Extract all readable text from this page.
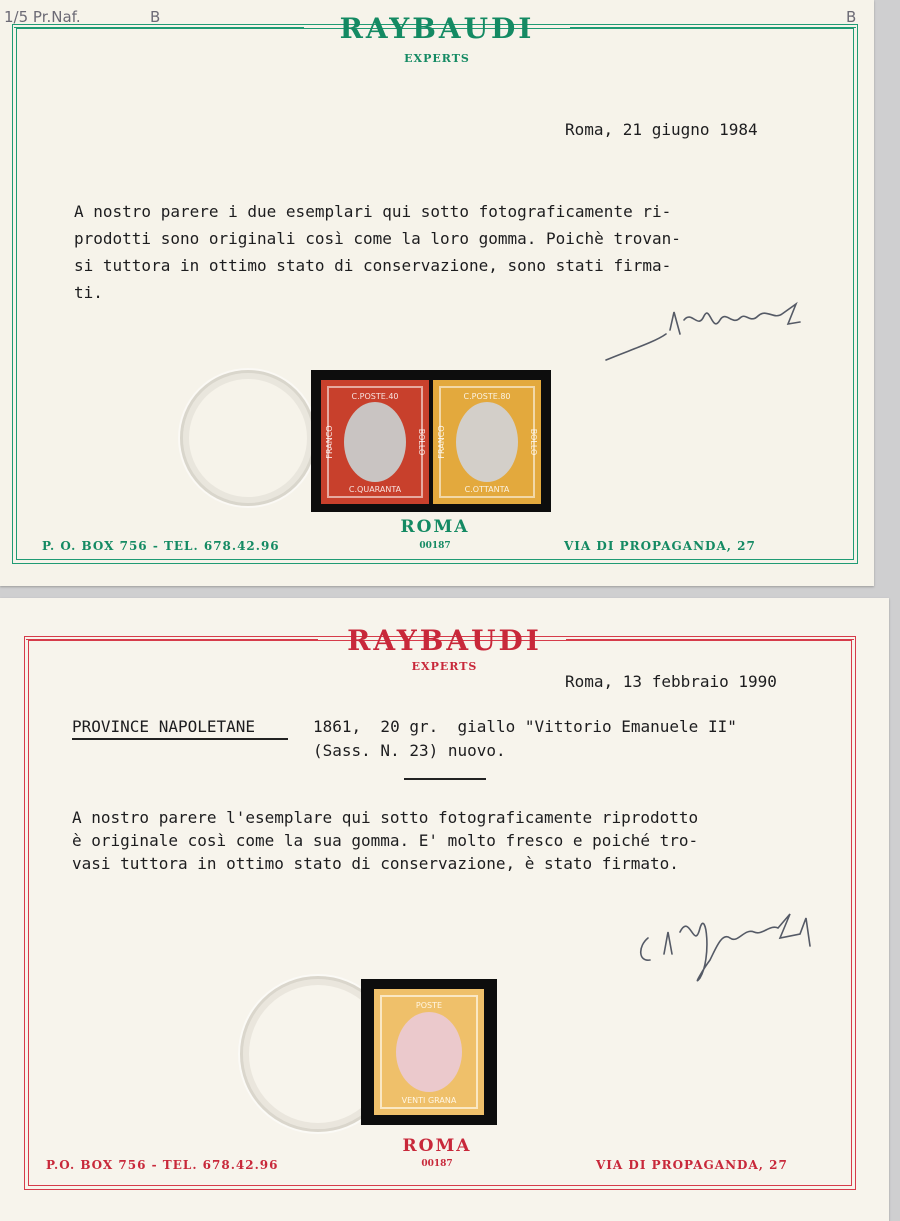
RAYBAUDI
EXPERTS
1/5 Pr.Naf.	B	B
Roma, 21 giugno 1984
A nostro parere i due esemplari qui sotto fotograficamente ri-
prodotti sono originali così come la loro gomma. Poichè trovan-
si tuttora in ottimo stato di conservazione, sono stati firma-
ti.	Raybaudi
C.POSTE.40
C.QUARANTA
FRANCO	BOLLO
C.POSTE.80
C.OTTANTA
FRANCO	BOLLO
ROMA
00187
P. O. BOX 756 - TEL. 678.42.96	VIA DI PROPAGANDA, 27
RAYBAUDI
EXPERTS
Roma, 13 febbraio 1990
PROVINCE NAPOLETANE	1861,  20 gr.  giallo "Vittorio Emanuele II"
(Sass. N. 23) nuovo.
A nostro parere l'esemplare qui sotto fotograficamente riprodotto
è originale così come la sua gomma. E' molto fresco e poiché tro-
vasi tuttora in ottimo stato di conservazione, è stato firmato.
Raybaudi
POSTE
VENTI GRANA
ROMA
00187
P.O. BOX 756 - TEL. 678.42.96	VIA DI PROPAGANDA, 27
